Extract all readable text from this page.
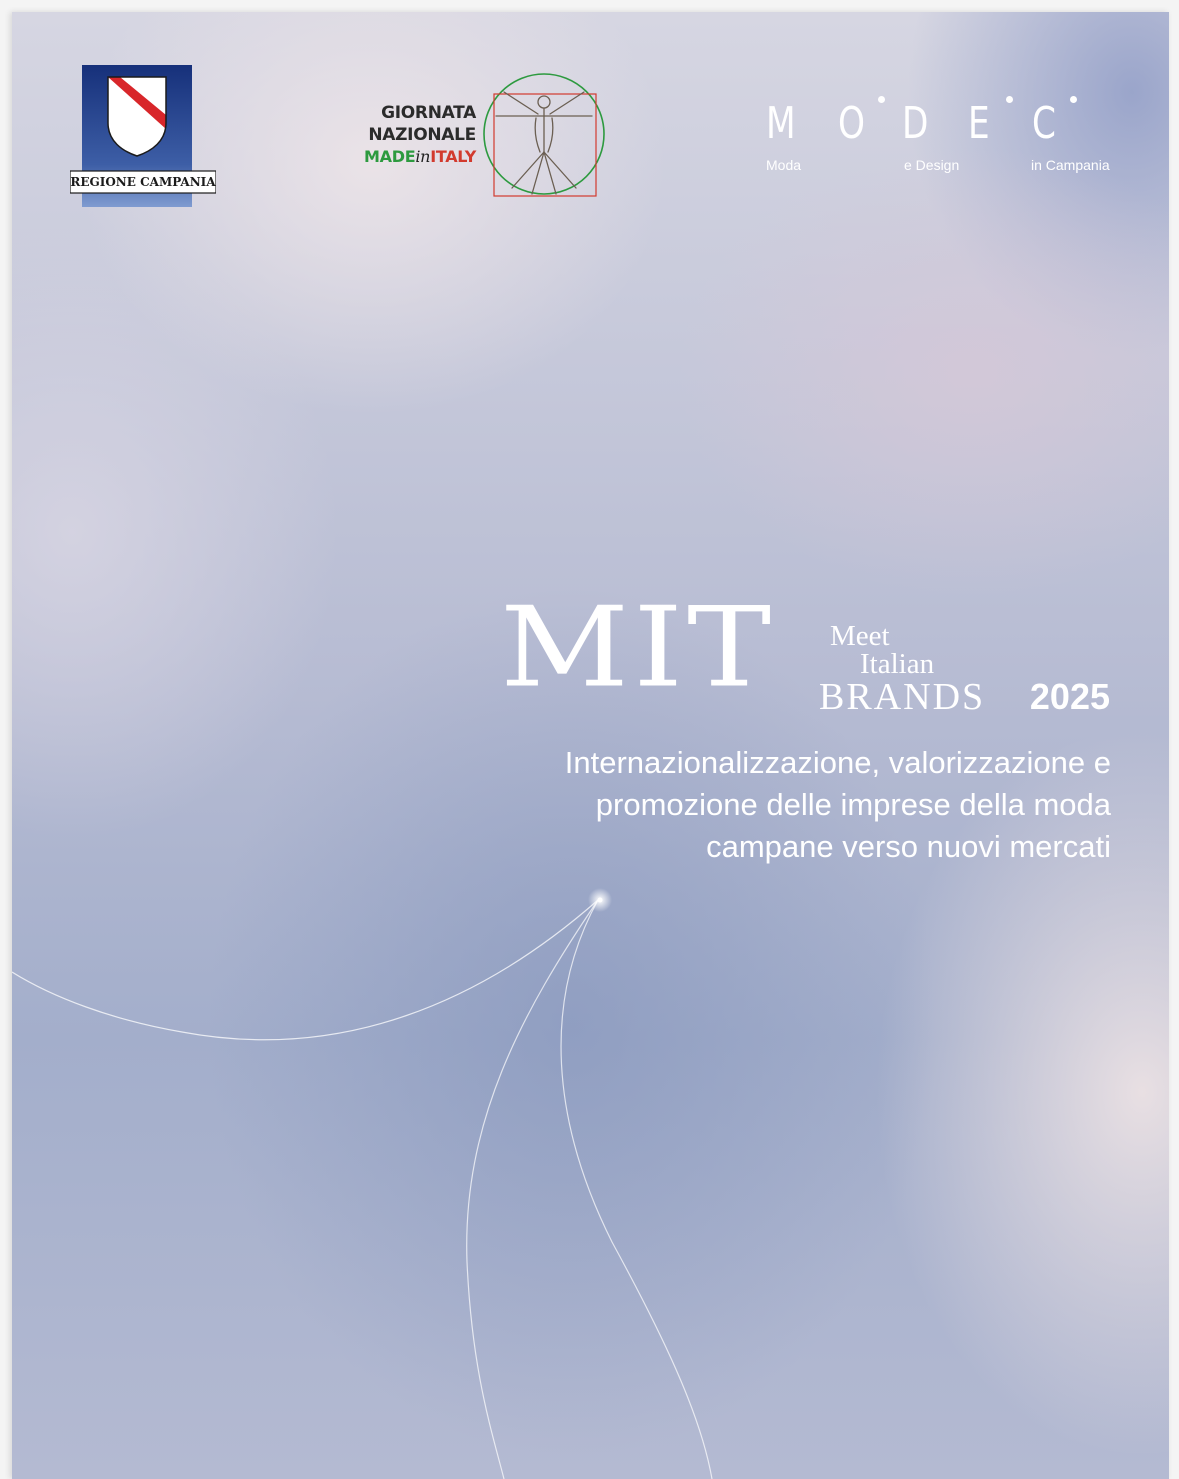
REGIONE CAMPANIA
GIORNATA
NAZIONALE
MADEinITALY
M O D E C
Moda	e Design	in Campania
MIT Meet
Italian
BRANDS 2025
Internazionalizzazione, valorizzazione e
promozione delle imprese della moda
campane verso nuovi mercati
